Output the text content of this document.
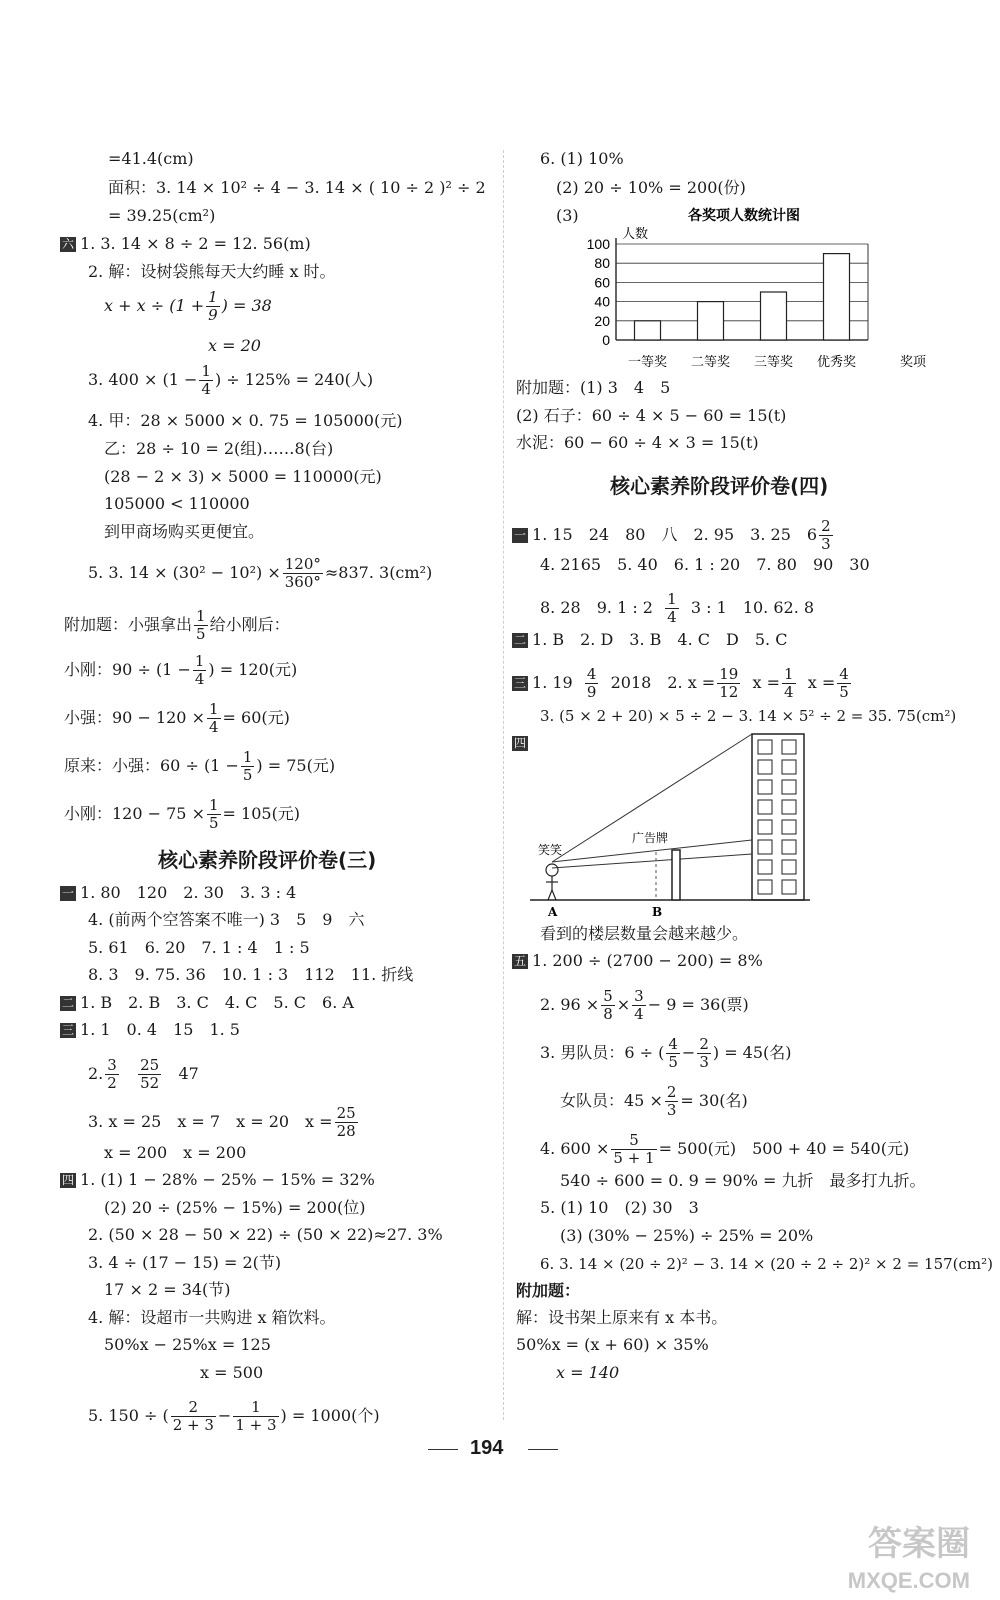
=41.4(cm)
面积：3. 14 × 10² ÷ 4 − 3. 14 × ( 10 ÷ 2 )² ÷ 2
= 39.25(cm²)
六 1. 3. 14 × 8 ÷ 2 = 12. 56(m)
2. 解：设树袋熊每天大约睡 x 时。
$x + x \div (1 + \frac{1}{9}$ ) = 38
x = 20
3. $400 \times (1 - \frac{1}{4}$ ) ÷ 125% = 240(人)
4. 甲：28 × 5000 × 0. 75 = 105000(元)
乙：28 ÷ 10 = 2(组)……8(台)
(28 − 2 × 3) × 5000 = 110000(元)
105000 < 110000
到甲商场购买更便宜。
5. 3. $14 \times (30^2 - 10^2) \times \frac{120^\circ}{360^\circ} \approx 837$. 3(cm²)
附加题：小强拿出 $\frac{1}{5}$ 给小刚后：
小刚：$90 \div (1 - \frac{1}{4}$ ) = 120(元)
小强：$90 - 120 \times \frac{1}{4} = 60$(元)
原来：小强：$60 \div (1 - \frac{1}{5}$ ) = 75(元)
小刚：$120 - 75 \times \frac{1}{5} = 105$(元)
核心素养阶段评价卷(三)
一 1. 80　120　2. 30　3. 3 : 4
4. (前两个空答案不唯一) 3　5　9　六
5. 61　6. 20　7. 1 : 4　1 : 5
8. 3　9. 75. 36　10. 1 : 3　112　11. 折线
二 1. B　2. B　3. C　4. C　5. C　6. A
三 1. 1　0. 4　15　1. 5
2. $\frac{3}{2}$
$\frac{25}{52} 47$
3. x = 25　x = 7　x = 20　$x = \frac{25}{28}$
x = 200　x = 200
四 1. (1) 1 − 28% − 25% − 15% = 32%
(2) 20 ÷ (25% − 15%) = 200(位)
2. (50 × 28 − 50 × 22) ÷ (50 × 22)≈27. 3%
3. 4 ÷ (17 − 15) = 2(节)
17 × 2 = 34(节)
4. 解：设超市一共购进 x 箱饮料。
50%x − 25%x = 125
x = 500
5. 150 ÷ ( $\frac{2}{2 + 3} - \frac{1}{1 + 3}$ ) = 1000(个)
6. (1) 10%
(2) 20 ÷ 10% = 200(份)
(3)	各奖项人数统计图
人数
0
20
40
60
80
100
一等奖 二等奖 三等奖 优秀奖	奖项
附加题：(1) 3　4　5
(2) 石子：60 ÷ 4 × 5 − 60 = 15(t)
水泥：60 − 60 ÷ 4 × 3 = 15(t)
核心素养阶段评价卷(四)
一 1. 15　24　80　八　2. 95　3. 25　$6 \frac{2}{3}$
4. 2165　5. 40　6. 1 : 20　7. 80　90　30
8. 28　9. 1 : $2 \frac{1}{4} 3$ : 1　10. 62. 8
二 1. B　2. D　3. B　4. C　D　5. C
三 1. $19 \frac{4}{9} 2018$　2. $x = \frac{19}{12}$ $x = \frac{1}{4}$ $x = \frac{4}{5}$
3. (5 × 2 + 20) × 5 ÷ 2 − 3. 14 × 5² ÷ 2 = 35. 75(cm²)
四
广告牌
笑笑
A	B
看到的楼层数量会越来越少。
五 1. 200 ÷ (2700 − 200) = 8%
2. $96 \times \frac{5}{8} \times \frac{3}{4} - 9 = 36$(票)
3. 男队员：6 ÷ ( $\frac{4}{5} - \frac{2}{3}$ ) = 45(名)
女队员：$45 \times \frac{2}{3} = 30$(名)
4. $600 \times \frac{5}{5 + 1} = 500$(元)　500 + 40 = 540(元)
540 ÷ 600 = 0. 9 = 90% = 九折　最多打九折。
5. (1) 10　(2) 30　3
(3) (30% − 25%) ÷ 25% = 20%
6. 3. 14 × (20 ÷ 2)² − 3. 14 × (20 ÷ 2 ÷ 2)² × 2 = 157(cm²)
附加题：
解：设书架上原来有 x 本书。
50%x = (x + 60) × 35%
x = 140
194
答案圈
MXQE.COM
